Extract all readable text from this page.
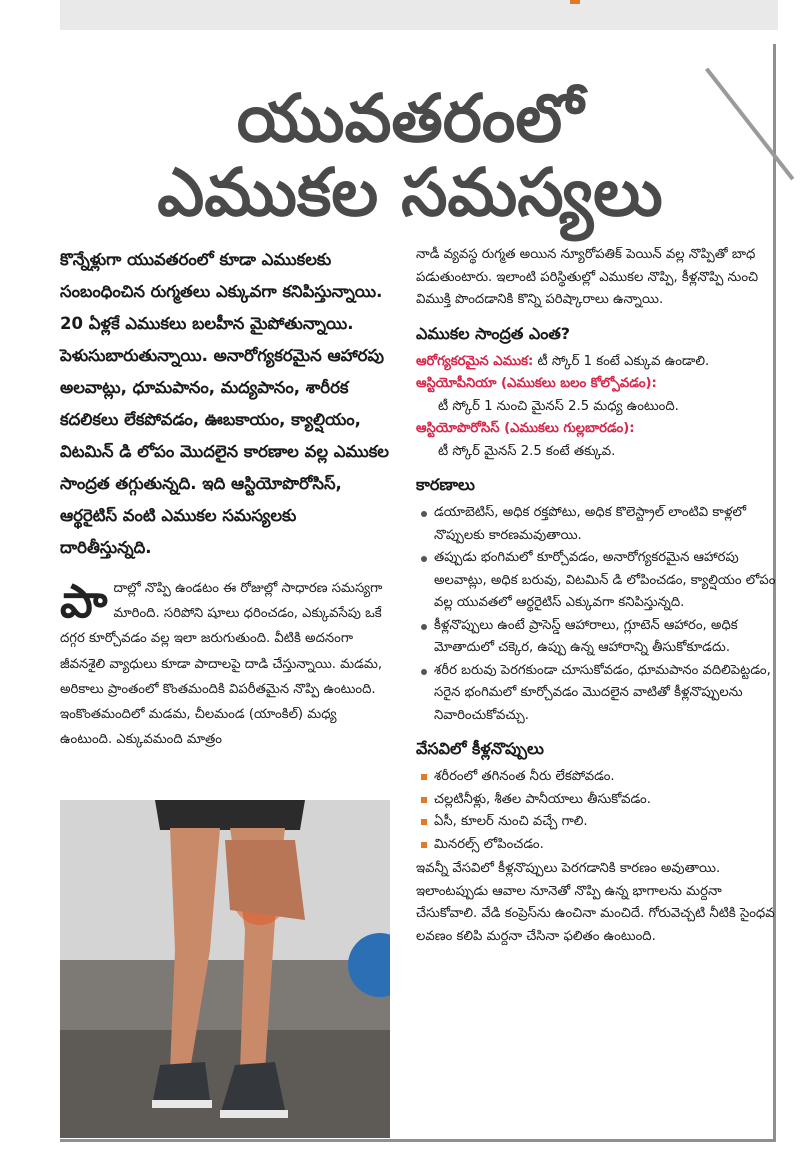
యువతరంలో
ఎముకల సమస్యలు

కొన్నేళ్లుగా యువతరంలో కూడా ఎముకలకు సంబంధించిన రుగ్మతలు ఎక్కువగా కనిపిస్తున్నాయి. 20 ఏళ్లకే ఎముకలు బలహీన మైపోతున్నాయి. పెళుసుబారుతున్నాయి. అనారోగ్యకరమైన ఆహారపు అలవాట్లు, ధూమపానం, మద్యపానం, శారీరక కదలికలు లేకపోవడం, ఊబకాయం, క్యాల్షియం, విటమిన్ డి లోపం మొదలైన కారణాల వల్ల ఎముకల సాంద్రత తగ్గుతున్నది. ఇది ఆస్టియోపొరోసిస్, ఆర్థరైటిస్ వంటి ఎముకల సమస్యలకు దారితీస్తున్నది.

పా దాల్లో నొప్పి ఉండటం ఈ రోజుల్లో సాధారణ సమస్యగా మారింది. సరిపోని షూలు ధరించడం, ఎక్కువసేపు ఒకే దగ్గర కూర్చోవడం వల్ల ఇలా జరుగుతుంది. వీటికి అదనంగా జీవనశైలి వ్యాధులు కూడా పాదాలపై దాడి చేస్తున్నాయి. మడమ, అరికాలు ప్రాంతంలో కొంతమందికి విపరీతమైన నొప్పి ఉంటుంది. ఇంకొంతమందిలో మడమ, చీలమండ (యాంకిల్) మధ్య ఉంటుంది. ఎక్కువమంది మాత్రం

నాడీ వ్యవస్థ రుగ్మత అయిన న్యూరోపతిక్ పెయిన్ వల్ల నొప్పితో బాధ పడుతుంటారు. ఇలాంటి పరిస్థితుల్లో ఎముకల నొప్పి, కీళ్లనొప్పి నుంచి విముక్తి పొందడానికి కొన్ని పరిష్కారాలు ఉన్నాయి.

ఎముకల సాంద్రత ఎంత?

ఆరోగ్యకరమైన ఎముక: టీ స్కోర్ 1 కంటే ఎక్కువ ఉండాలి.

ఆస్టియోపీనియా (ఎముకలు బలం కోల్పోవడం):
టీ స్కోర్ 1 నుంచి మైనస్ 2.5 మధ్య ఉంటుంది.

ఆస్టియోపొరోసిస్ (ఎముకలు గుల్లబారడం):
టీ స్కోర్ మైనస్ 2.5 కంటే తక్కువ.

కారణాలు
డయాబెటిస్, అధిక రక్తపోటు, అధిక కొలెస్ట్రాల్ లాంటివి కాళ్లలో నొప్పులకు కారణమవుతాయి.
తప్పుడు భంగిమలో కూర్చోవడం, అనారోగ్యకరమైన ఆహారపు అలవాట్లు, అధిక బరువు, విటమిన్ డి లోపించడం, క్యాల్షియం లోపం వల్ల యువతలో ఆర్థరైటిస్ ఎక్కువగా కనిపిస్తున్నది.
కీళ్లనొప్పులు ఉంటే ప్రాసెస్డ్ ఆహారాలు, గ్లూటెన్ ఆహారం, అధిక మోతాదులో చక్కెర, ఉప్పు ఉన్న ఆహారాన్ని తీసుకోకూడదు.
శరీర బరువు పెరగకుండా చూసుకోవడం, ధూమపానం వదిలిపెట్టడం, సరైన భంగిమలో కూర్చోవడం మొదలైన వాటితో కీళ్లనొప్పులను నివారించుకోవచ్చు.
వేసవిలో కీళ్లనొప్పులు
శరీరంలో తగినంత నీరు లేకపోవడం.
చల్లటినీళ్లు, శీతల పానీయాలు తీసుకోవడం.
ఏసీ, కూలర్ నుంచి వచ్చే గాలి.
మినరల్స్ లోపించడం.

ఇవన్నీ వేసవిలో కీళ్లనొప్పులు పెరగడానికి కారణం అవుతాయి. ఇలాంటప్పుడు ఆవాల నూనెతో నొప్పి ఉన్న భాగాలను మర్దనా చేసుకోవాలి. వేడి కంప్రెస్‌ను ఉంచినా మంచిదే. గోరువెచ్చటి నీటికి సైంధవ లవణం కలిపి మర్దనా చేసినా ఫలితం ఉంటుంది.
